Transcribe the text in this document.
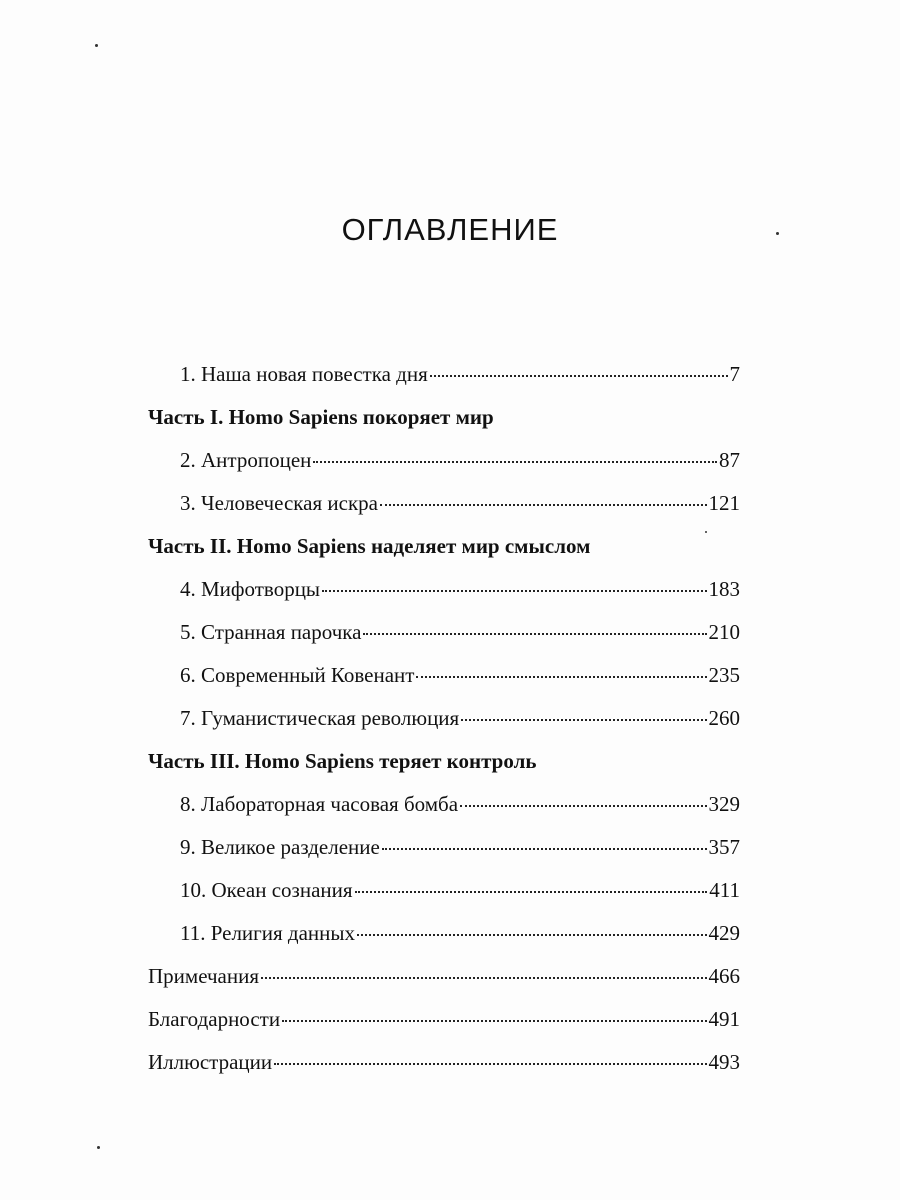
ОГЛАВЛЕНИЕ
1. Наша новая повестка дня	7
Часть I. Homo Sapiens покоряет мир
2. Антропоцен	87
3. Человеческая искра	121
Часть II. Homo Sapiens наделяет мир смыслом
4. Мифотворцы	183
5. Странная парочка	210
6. Современный Ковенант	235
7. Гуманистическая революция	260
Часть III. Homo Sapiens теряет контроль
8. Лабораторная часовая бомба	329
9. Великое разделение	357
10. Океан сознания	411
11. Религия данных	429
Примечания	466
Благодарности	491
Иллюстрации	493
